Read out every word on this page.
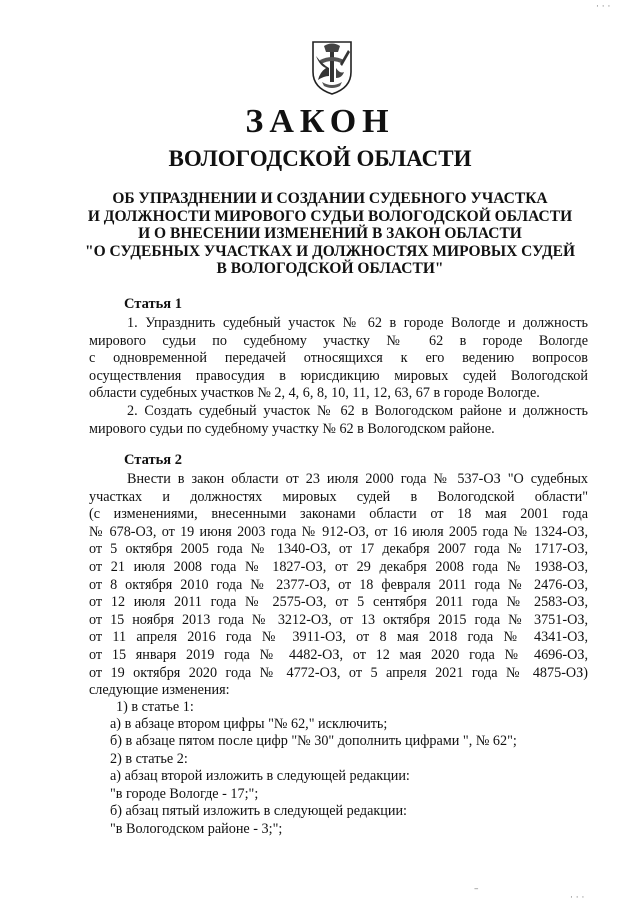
ЗАКОН
ВОЛОГОДСКОЙ ОБЛАСТИ
ОБ УПРАЗДНЕНИИ И СОЗДАНИИ СУДЕБНОГО УЧАСТКА
И ДОЛЖНОСТИ МИРОВОГО СУДЬИ ВОЛОГОДСКОЙ ОБЛАСТИ
И О ВНЕСЕНИИ ИЗМЕНЕНИЙ В ЗАКОН ОБЛАСТИ
"О СУДЕБНЫХ УЧАСТКАХ И ДОЛЖНОСТЯХ МИРОВЫХ СУДЕЙ
В ВОЛОГОДСКОЙ ОБЛАСТИ"
Статья 1
1. Упразднить судебный участок № 62 в городе Вологде и должность
мирового судьи по судебному участку № 62 в городе Вологде
с одновременной передачей относящихся к его ведению вопросов
осуществления правосудия в юрисдикцию мировых судей Вологодской
области судебных участков № 2, 4, 6, 8, 10, 11, 12, 63, 67 в городе Вологде.
2. Создать судебный участок № 62 в Вологодском районе и должность
мирового судьи по судебному участку № 62 в Вологодском районе.
Статья 2
Внести в закон области от 23 июля 2000 года № 537-ОЗ "О судебных
участках и должностях мировых судей в Вологодской области"
(с изменениями, внесенными законами области от 18 мая 2001 года
№ 678-ОЗ, от 19 июня 2003 года № 912-ОЗ, от 16 июля 2005 года № 1324-ОЗ,
от 5 октября 2005 года № 1340-ОЗ, от 17 декабря 2007 года № 1717-ОЗ,
от 21 июля 2008 года № 1827-ОЗ, от 29 декабря 2008 года № 1938-ОЗ,
от 8 октября 2010 года № 2377-ОЗ, от 18 февраля 2011 года № 2476-ОЗ,
от 12 июля 2011 года № 2575-ОЗ, от 5 сентября 2011 года № 2583-ОЗ,
от 15 ноября 2013 года № 3212-ОЗ, от 13 октября 2015 года № 3751-ОЗ,
от 11 апреля 2016 года № 3911-ОЗ, от 8 мая 2018 года № 4341-ОЗ,
от 15 января 2019 года № 4482-ОЗ, от 12 мая 2020 года № 4696-ОЗ,
от 19 октября 2020 года № 4772-ОЗ, от 5 апреля 2021 года № 4875-ОЗ)
следующие изменения:
1) в статье 1:
а) в абзаце втором цифры "№ 62," исключить;
б) в абзаце пятом после цифр "№ 30" дополнить цифрами ", № 62";
2) в статье 2:
а) абзац второй изложить в следующей редакции:
"в городе Вологде - 17;";
б) абзац пятый изложить в следующей редакции:
"в Вологодском районе - 3;";
⋅ ⋅ ⋅
–
⋅ ⋅ ⋅
